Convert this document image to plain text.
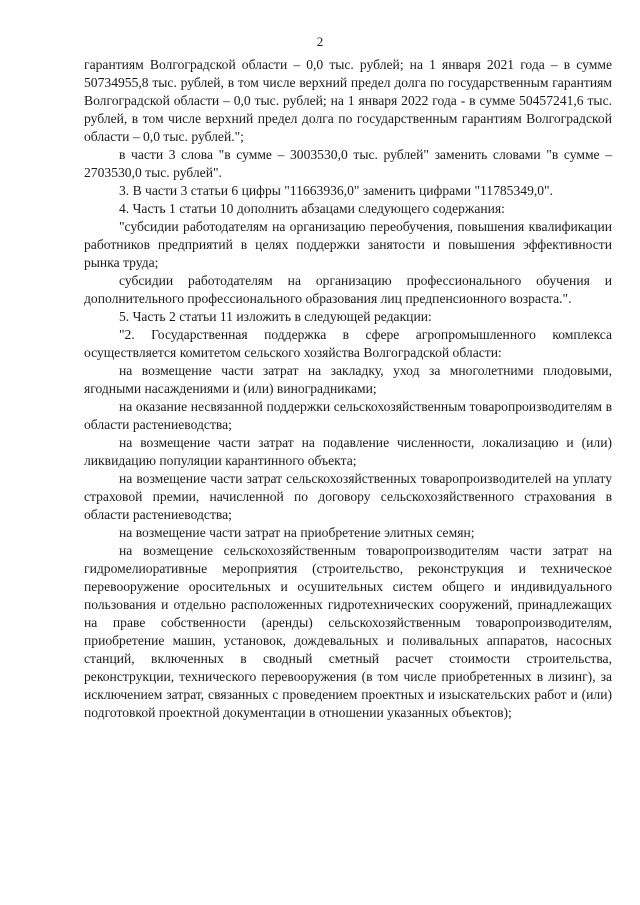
2

гарантиям Волгоградской области – 0,0 тыс. рублей; на 1 января 2021 года – в сумме 50734955,8 тыс. рублей, в том числе верхний предел долга по государственным гарантиям Волгоградской области – 0,0 тыс. рублей; на 1 января 2022 года - в сумме 50457241,6 тыс. рублей, в том числе верхний предел долга по государственным гарантиям Волгоградской области – 0,0 тыс. рублей.";

в части 3 слова "в сумме – 3003530,0 тыс. рублей" заменить словами "в сумме – 2703530,0 тыс. рублей".

3. В части 3 статьи 6 цифры "11663936,0" заменить цифрами "11785349,0".

4. Часть 1 статьи 10 дополнить абзацами следующего содержания:

"субсидии работодателям на организацию переобучения, повышения квалификации работников предприятий в целях поддержки занятости и повышения эффективности рынка труда;

субсидии работодателям на организацию профессионального обучения и дополнительного профессионального образования лиц предпенсионного возраста.".

5. Часть 2 статьи 11 изложить в следующей редакции:

"2. Государственная поддержка в сфере агропромышленного комплекса осуществляется комитетом сельского хозяйства Волгоградской области:

на возмещение части затрат на закладку, уход за многолетними плодовыми, ягодными насаждениями и (или) виноградниками;

на оказание несвязанной поддержки сельскохозяйственным товаропроизводителям в области растениеводства;

на возмещение части затрат на подавление численности, локализацию и (или) ликвидацию популяции карантинного объекта;

на возмещение части затрат сельскохозяйственных товаропроизводителей на уплату страховой премии, начисленной по договору сельскохозяйственного страхования в области растениеводства;

на возмещение части затрат на приобретение элитных семян;

на возмещение сельскохозяйственным товаропроизводителям части затрат на гидромелиоративные мероприятия (строительство, реконструкция и техническое перевооружение оросительных и осушительных систем общего и индивидуального пользования и отдельно расположенных гидротехнических сооружений, принадлежащих на праве собственности (аренды) сельскохозяйственным товаропроизводителям, приобретение машин, установок, дождевальных и поливальных аппаратов, насосных станций, включенных в сводный сметный расчет стоимости строительства, реконструкции, технического перевооружения (в том числе приобретенных в лизинг), за исключением затрат, связанных с проведением проектных и изыскательских работ и (или) подготовкой проектной документации в отношении указанных объектов);
